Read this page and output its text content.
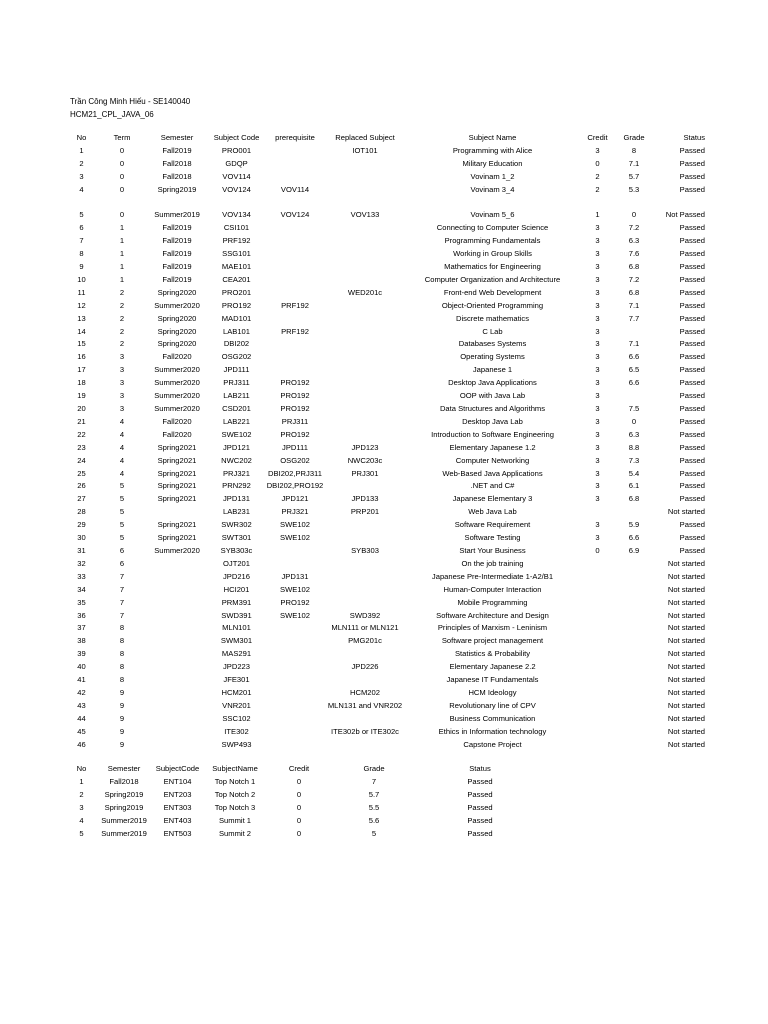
Trần Công Minh Hiếu - SE140040
HCM21_CPL_JAVA_06
No	Term	Semester	Subject Code	prerequisite	Replaced Subject	Subject Name	Credit	Grade	Status
1	0	Fall2019	PRO001		IOT101	Programming with Alice	3	8	Passed
2	0	Fall2018	GDQP			Military Education	0	7.1	Passed
3	0	Fall2018	VOV114			Vovinam 1_2	2	5.7	Passed
4	0	Spring2019	VOV124	VOV114		Vovinam 3_4	2	5.3	Passed

5	0	Summer2019	VOV134	VOV124	VOV133	Vovinam 5_6	1	0	Not Passed
6	1	Fall2019	CSI101			Connecting to Computer Science	3	7.2	Passed
7	1	Fall2019	PRF192			Programming Fundamentals	3	6.3	Passed
8	1	Fall2019	SSG101			Working in Group Skills	3	7.6	Passed
9	1	Fall2019	MAE101			Mathematics for Engineering	3	6.8	Passed
10	1	Fall2019	CEA201			Computer Organization and Architecture	3	7.2	Passed
11	2	Spring2020	PRO201		WED201c	Front-end Web Development	3	6.8	Passed
12	2	Summer2020	PRO192	PRF192		Object-Oriented Programming	3	7.1	Passed
13	2	Spring2020	MAD101			Discrete mathematics	3	7.7	Passed
14	2	Spring2020	LAB101	PRF192		C Lab	3		Passed
15	2	Spring2020	DBI202			Databases Systems	3	7.1	Passed
16	3	Fall2020	OSG202			Operating Systems	3	6.6	Passed
17	3	Summer2020	JPD111			Japanese 1	3	6.5	Passed
18	3	Summer2020	PRJ311	PRO192		Desktop Java Applications	3	6.6	Passed
19	3	Summer2020	LAB211	PRO192		OOP with Java Lab	3		Passed
20	3	Summer2020	CSD201	PRO192		Data Structures and Algorithms	3	7.5	Passed
21	4	Fall2020	LAB221	PRJ311		Desktop Java Lab	3	0	Passed
22	4	Fall2020	SWE102	PRO192		Introduction to Software Engineering	3	6.3	Passed
23	4	Spring2021	JPD121	JPD111	JPD123	Elementary Japanese 1.2	3	8.8	Passed
24	4	Spring2021	NWC202	OSG202	NWC203c	Computer Networking	3	7.3	Passed
25	4	Spring2021	PRJ321	DBI202,PRJ311	PRJ301	Web-Based Java Applications	3	5.4	Passed
26	5	Spring2021	PRN292	DBI202,PRO192		.NET and C#	3	6.1	Passed
27	5	Spring2021	JPD131	JPD121	JPD133	Japanese Elementary 3	3	6.8	Passed
28	5		LAB231	PRJ321	PRP201	Web Java Lab			Not started
29	5	Spring2021	SWR302	SWE102		Software Requirement	3	5.9	Passed
30	5	Spring2021	SWT301	SWE102		Software Testing	3	6.6	Passed
31	6	Summer2020	SYB303c		SYB303	Start Your Business	0	6.9	Passed
32	6		OJT201			On the job training			Not started
33	7		JPD216	JPD131		Japanese Pre-Intermediate 1-A2/B1			Not started
34	7		HCI201	SWE102		Human-Computer Interaction			Not started
35	7		PRM391	PRO192		Mobile Programming			Not started
36	7		SWD391	SWE102	SWD392	Software Architecture and Design			Not started
37	8		MLN101		MLN111 or MLN121	Principles of Marxism - Leninism			Not started
38	8		SWM301		PMG201c	Software project management			Not started
39	8		MAS291			Statistics & Probability			Not started
40	8		JPD223		JPD226	Elementary Japanese 2.2			Not started
41	8		JFE301			Japanese IT Fundamentals			Not started
42	9		HCM201		HCM202	HCM Ideology			Not started
43	9		VNR201		MLN131 and VNR202	Revolutionary line of CPV			Not started
44	9		SSC102			Business Communication			Not started
45	9		ITE302		ITE302b or ITE302c	Ethics in Information technology			Not started
46	9		SWP493			Capstone Project			Not started
No	Semester	SubjectCode	SubjectName	Credit	Grade	Status
1	Fall2018	ENT104	Top Notch 1	0	7	Passed
2	Spring2019	ENT203	Top Notch 2	0	5.7	Passed
3	Spring2019	ENT303	Top Notch 3	0	5.5	Passed
4	Summer2019	ENT403	Summit 1	0	5.6	Passed
5	Summer2019	ENT503	Summit 2	0	5	Passed
